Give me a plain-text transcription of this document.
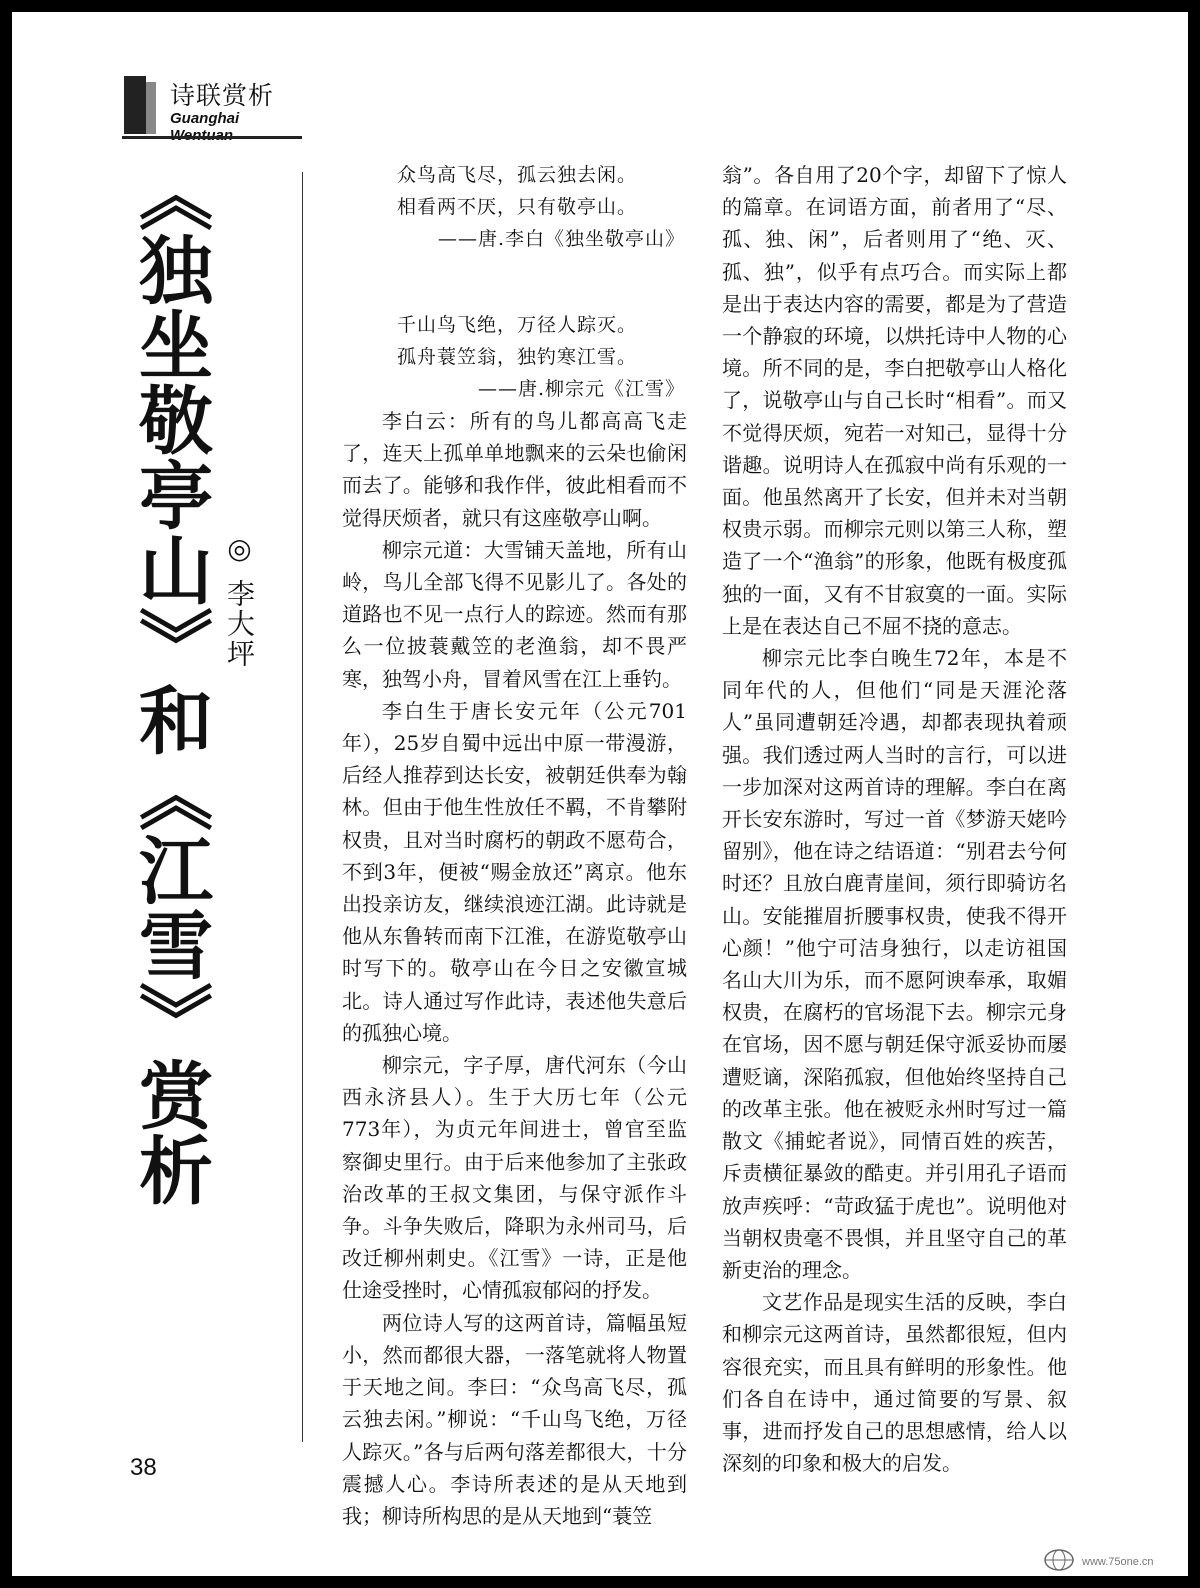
诗联赏析
Guanghai
《独坐敬亭山》和《江雪》赏析 ◎李大坪
众鸟高飞尽，孤云独去闲。
相看两不厌，只有敬亭山。
——唐.李白《独坐敬亭山》
千山鸟飞绝，万径人踪灭。
孤舟蓑笠翁，独钓寒江雪。
——唐.柳宗元《江雪》

李白云：所有的鸟儿都高高飞走了，连天上孤单单地飘来的云朵也偷闲而去了。能够和我作伴，彼此相看而不觉得厌烦者，就只有这座敬亭山啊。

柳宗元道：大雪铺天盖地，所有山岭，鸟儿全部飞得不见影儿了。各处的道路也不见一点行人的踪迹。然而有那么一位披蓑戴笠的老渔翁，却不畏严寒，独驾小舟，冒着风雪在江上垂钓。

李白生于唐长安元年（公元701年），25岁自蜀中远出中原一带漫游，后经人推荐到达长安，被朝廷供奉为翰林。但由于他生性放任不羁，不肯攀附权贵，且对当时腐朽的朝政不愿苟合，不到3年，便被“赐金放还”离京。他东出投亲访友，继续浪迹江湖。此诗就是他从东鲁转而南下江淮，在游览敬亭山时写下的。敬亭山在今日之安徽宣城北。诗人通过写作此诗，表述他失意后的孤独心境。

柳宗元，字子厚，唐代河东（今山西永济县人）。生于大历七年（公元773年），为贞元年间进士，曾官至监察御史里行。由于后来他参加了主张政治改革的王叔文集团，与保守派作斗争。斗争失败后，降职为永州司马，后改迁柳州刺史。《江雪》一诗，正是他仕途受挫时，心情孤寂郁闷的抒发。

两位诗人写的这两首诗，篇幅虽短小，然而都很大器，一落笔就将人物置于天地之间。李曰：“众鸟高飞尽，孤云独去闲。”柳说：“千山鸟飞绝，万径人踪灭。”各与后两句落差都很大，十分震撼人心。李诗所表述的是从天地到我；柳诗所构思的是从天地到“蓑笠

翁”。各自用了20个字，却留下了惊人的篇章。在词语方面，前者用了“尽、孤、独、闲”，后者则用了“绝、灭、孤、独”，似乎有点巧合。而实际上都是出于表达内容的需要，都是为了营造一个静寂的环境，以烘托诗中人物的心境。所不同的是，李白把敬亭山人格化了，说敬亭山与自己长时“相看”。而又不觉得厌烦，宛若一对知己，显得十分谐趣。说明诗人在孤寂中尚有乐观的一面。他虽然离开了长安，但并未对当朝权贵示弱。而柳宗元则以第三人称，塑造了一个“渔翁”的形象，他既有极度孤独的一面，又有不甘寂寞的一面。实际上是在表达自己不屈不挠的意志。

柳宗元比李白晚生72年，本是不同年代的人，但他们“同是天涯沦落人”虽同遭朝廷冷遇，却都表现执着顽强。我们透过两人当时的言行，可以进一步加深对这两首诗的理解。李白在离开长安东游时，写过一首《梦游天姥吟留别》，他在诗之结语道：“别君去兮何时还？且放白鹿青崖间，须行即骑访名山。安能摧眉折腰事权贵，使我不得开心颜！”他宁可洁身独行，以走访祖国名山大川为乐，而不愿阿谀奉承，取媚权贵，在腐朽的官场混下去。柳宗元身在官场，因不愿与朝廷保守派妥协而屡遭贬谪，深陷孤寂，但他始终坚持自己的改革主张。他在被贬永州时写过一篇散文《捕蛇者说》，同情百姓的疾苦，斥责横征暴敛的酷吏。并引用孔子语而放声疾呼：“苛政猛于虎也”。说明他对当朝权贵毫不畏惧，并且坚守自己的革新吏治的理念。

文艺作品是现实生活的反映，李白和柳宗元这两首诗，虽然都很短，但内容很充实，而且具有鲜明的形象性。他们各自在诗中，通过简要的写景、叙事，进而抒发自己的思想感情，给人以深刻的印象和极大的启发。

38
www.75one.cn
